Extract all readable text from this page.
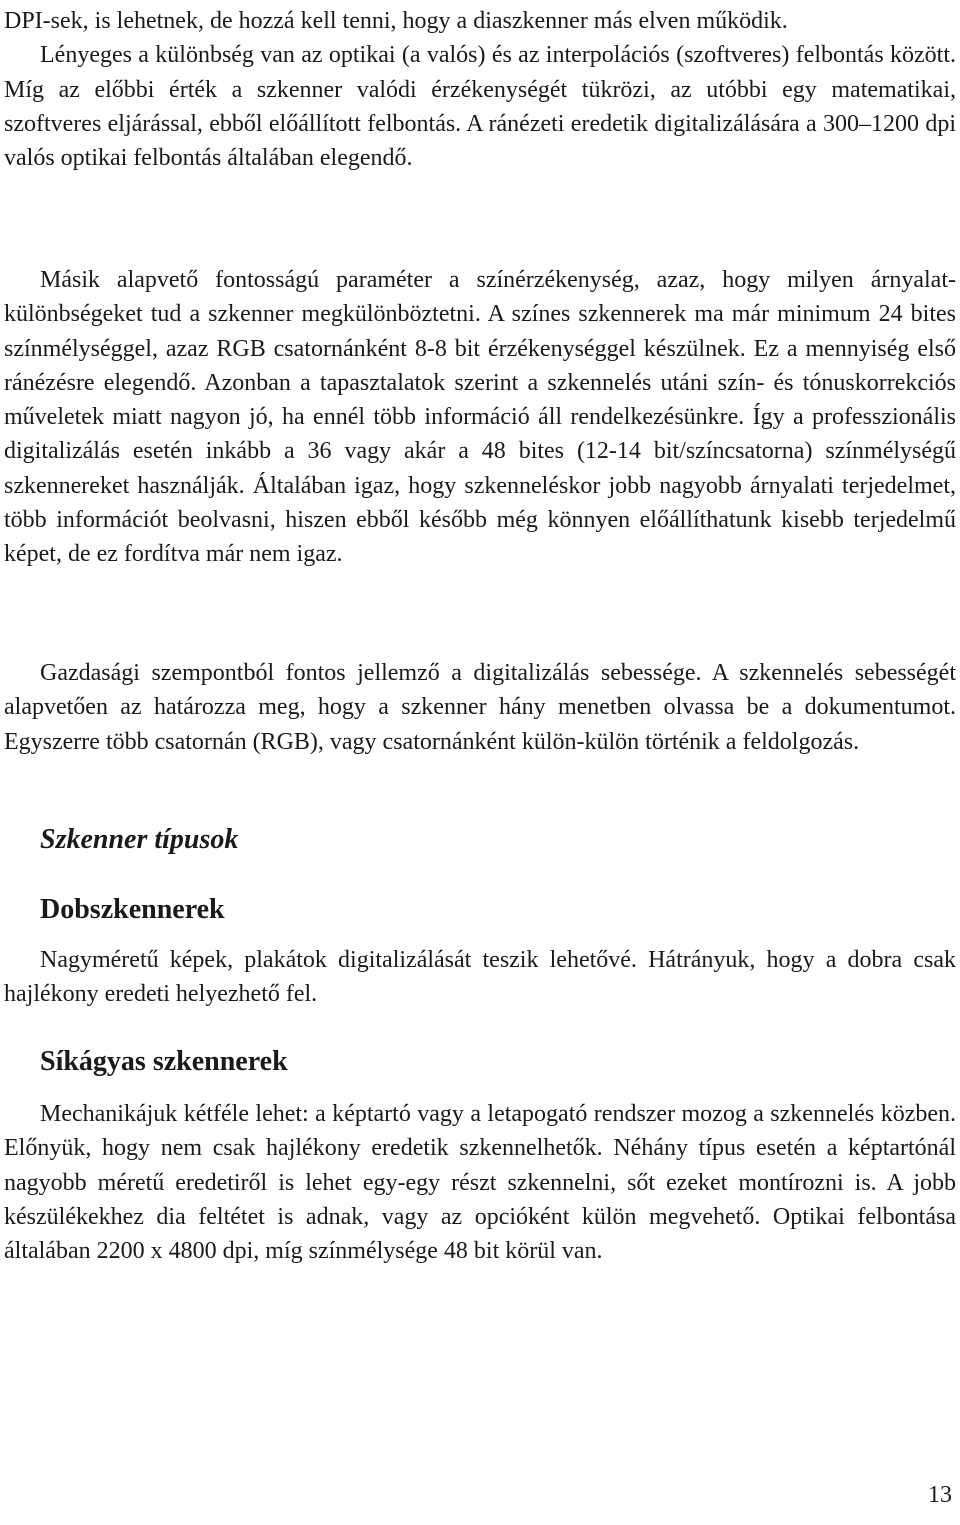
DPI-sek, is lehetnek, de hozzá kell tenni, hogy a diaszkenner más elven működik.

Lényeges a különbség van az optikai (a valós) és az interpolációs (szoftveres) felbontás között. Míg az előbbi érték a szkenner valódi érzékenységét tükrözi, az utóbbi egy matematikai, szoftveres eljárással, ebből előállított felbontás. A ránézeti eredetik digitalizálására a 300–1200 dpi valós optikai felbontás általában elegendő.

Másik alapvető fontosságú paraméter a színérzékenység, azaz, hogy milyen árnyalat-különbségeket tud a szkenner megkülönböztetni. A színes szkennerek ma már minimum 24 bites színmélységgel, azaz RGB csatornánként 8-8 bit érzékenységgel készülnek. Ez a mennyiség első ránézésre elegendő. Azonban a tapasztalatok szerint a szkennelés utáni szín- és tónuskorrekciós műveletek miatt nagyon jó, ha ennél több információ áll rendelkezésünkre. Így a professzionális digitalizálás esetén inkább a 36 vagy akár a 48 bites (12-14 bit/színcsatorna) színmélységű szkennereket használják. Általában igaz, hogy szkenneléskor jobb nagyobb árnyalati terjedelmet, több információt beolvasni, hiszen ebből később még könnyen előállíthatunk kisebb terjedelmű képet, de ez fordítva már nem igaz.

Gazdasági szempontból fontos jellemző a digitalizálás sebessége. A szkennelés sebességét alapvetően az határozza meg, hogy a szkenner hány menetben olvassa be a dokumentumot. Egyszerre több csatornán (RGB), vagy csatornánként külön-külön történik a feldolgozás.

Szkenner típusok
Dobszkennerek

Nagyméretű képek, plakátok digitalizálását teszik lehetővé. Hátrányuk, hogy a dobra csak hajlékony eredeti helyezhető fel.

Síkágyas szkennerek

Mechanikájuk kétféle lehet: a képtartó vagy a letapogató rendszer mozog a szkennelés közben. Előnyük, hogy nem csak hajlékony eredetik szkennelhetők. Néhány típus esetén a képtartónál nagyobb méretű eredetiről is lehet egy-egy részt szkennelni, sőt ezeket montírozni is. A jobb készülékekhez dia feltétet is adnak, vagy az opcióként külön megvehető. Optikai felbontása általában 2200 x 4800 dpi, míg színmélysége 48 bit körül van.

13
